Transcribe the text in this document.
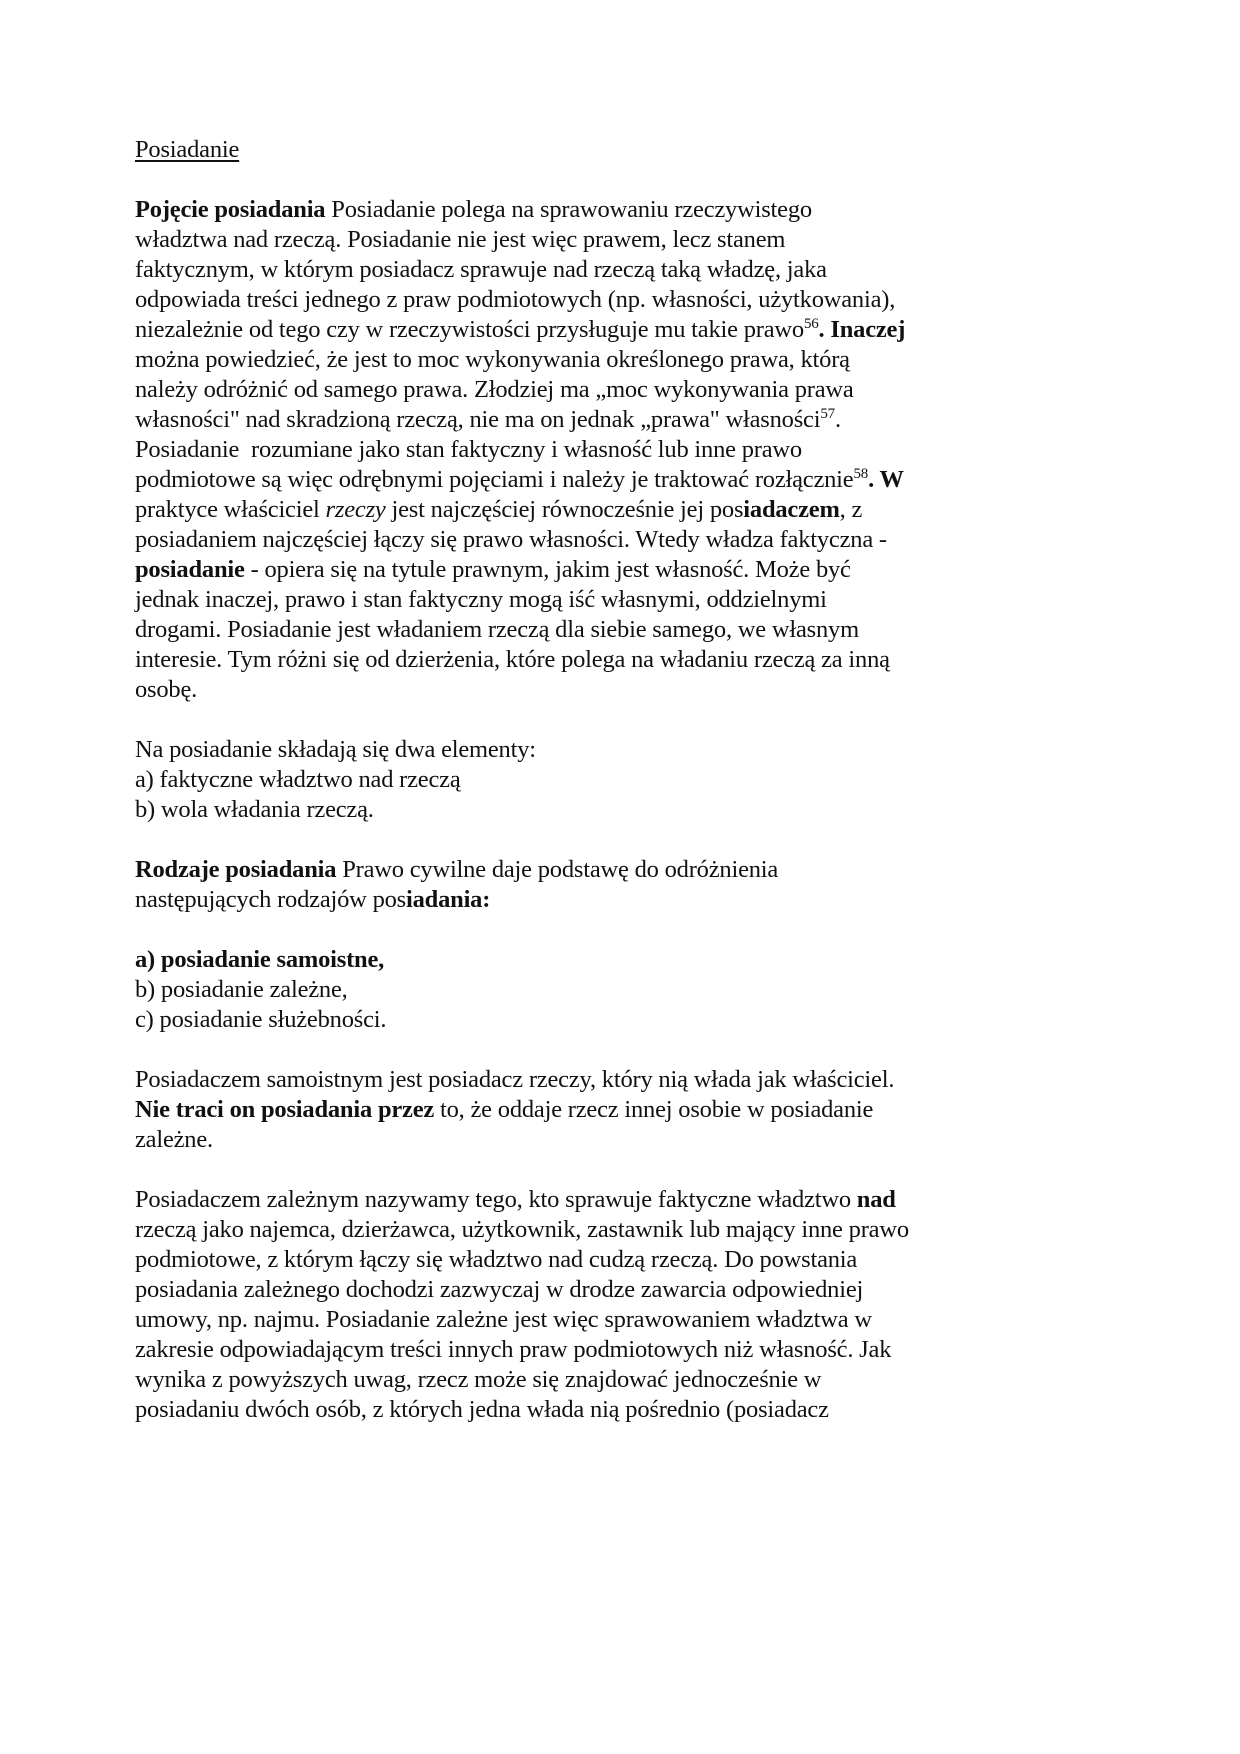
Posiadanie
Pojęcie posiadania Posiadanie polega na sprawowaniu rzeczywistego
władztwa nad rzeczą. Posiadanie nie jest więc prawem, lecz stanem
faktycznym, w którym posiadacz sprawuje nad rzeczą taką władzę, jaka
odpowiada treści jednego z praw podmiotowych (np. własności, użytkowania),
niezależnie od tego czy w rzeczywistości przysługuje mu takie prawo$^{56}$. Inaczej
można powiedzieć, że jest to moc wykonywania określonego prawa, którą
należy odróżnić od samego prawa. Złodziej ma „moc wykonywania prawa
własności" nad skradzioną rzeczą, nie ma on jednak „prawa" własności$^{57}$.
Posiadanie  rozumiane jako stan faktyczny i własność lub inne prawo
podmiotowe są więc odrębnymi pojęciami i należy je traktować rozłącznie$^{58}$. W
praktyce właściciel rzeczy jest najczęściej równocześnie jej posiadaczem, z
posiadaniem najczęściej łączy się prawo własności. Wtedy władza faktyczna -
posiadanie - opiera się na tytule prawnym, jakim jest własność. Może być
jednak inaczej, prawo i stan faktyczny mogą iść własnymi, oddzielnymi
drogami. Posiadanie jest władaniem rzeczą dla siebie samego, we własnym
interesie. Tym różni się od dzierżenia, które polega na władaniu rzeczą za inną
osobę.
Na posiadanie składają się dwa elementy:
a) faktyczne władztwo nad rzeczą
b) wola władania rzeczą.
Rodzaje posiadania Prawo cywilne daje podstawę do odróżnienia
następujących rodzajów posiadania:
a) posiadanie samoistne,
b) posiadanie zależne,
c) posiadanie służebności.
Posiadaczem samoistnym jest posiadacz rzeczy, który nią włada jak właściciel.
Nie traci on posiadania przez to, że oddaje rzecz innej osobie w posiadanie
zależne.
Posiadaczem zależnym nazywamy tego, kto sprawuje faktyczne władztwo nad
rzeczą jako najemca, dzierżawca, użytkownik, zastawnik lub mający inne prawo
podmiotowe, z którym łączy się władztwo nad cudzą rzeczą. Do powstania
posiadania zależnego dochodzi zazwyczaj w drodze zawarcia odpowiedniej
umowy, np. najmu. Posiadanie zależne jest więc sprawowaniem władztwa w
zakresie odpowiadającym treści innych praw podmiotowych niż własność. Jak
wynika z powyższych uwag, rzecz może się znajdować jednocześnie w
posiadaniu dwóch osób, z których jedna włada nią pośrednio (posiadacz
